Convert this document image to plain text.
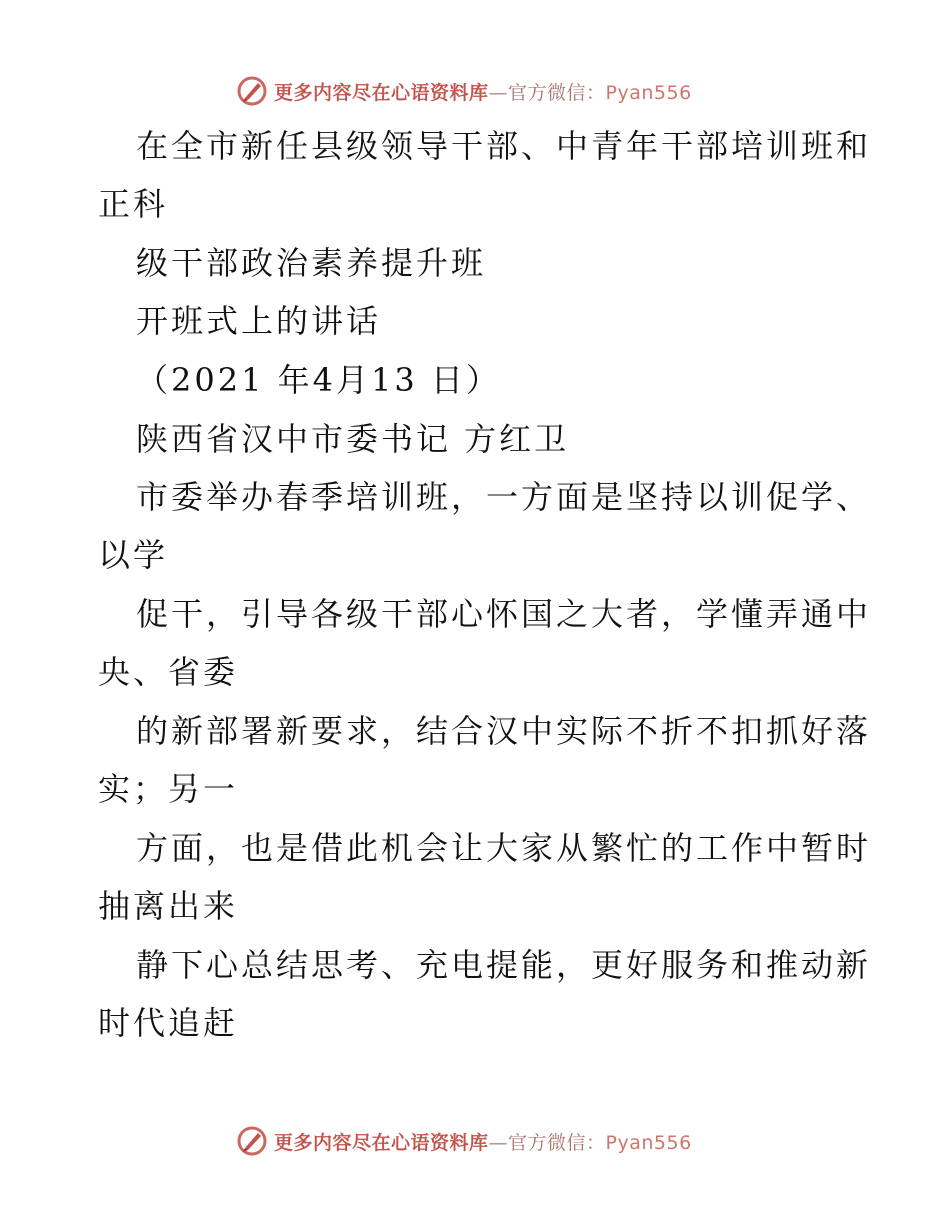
更多内容尽在心语资料库—官方微信：Pyan556

在全市新任县级领导干部、中青年干部培训班和

正科

级干部政治素养提升班

开班式上的讲话

（2021 年4月13 日）

陕西省汉中市委书记 方红卫

市委举办春季培训班，一方面是坚持以训促学、

以学

促干，引导各级干部心怀国之大者，学懂弄通中

央、省委

的新部署新要求，结合汉中实际不折不扣抓好落

实；另一

方面，也是借此机会让大家从繁忙的工作中暂时

抽离出来

静下心总结思考、充电提能，更好服务和推动新

时代追赶

更多内容尽在心语资料库—官方微信：Pyan556
